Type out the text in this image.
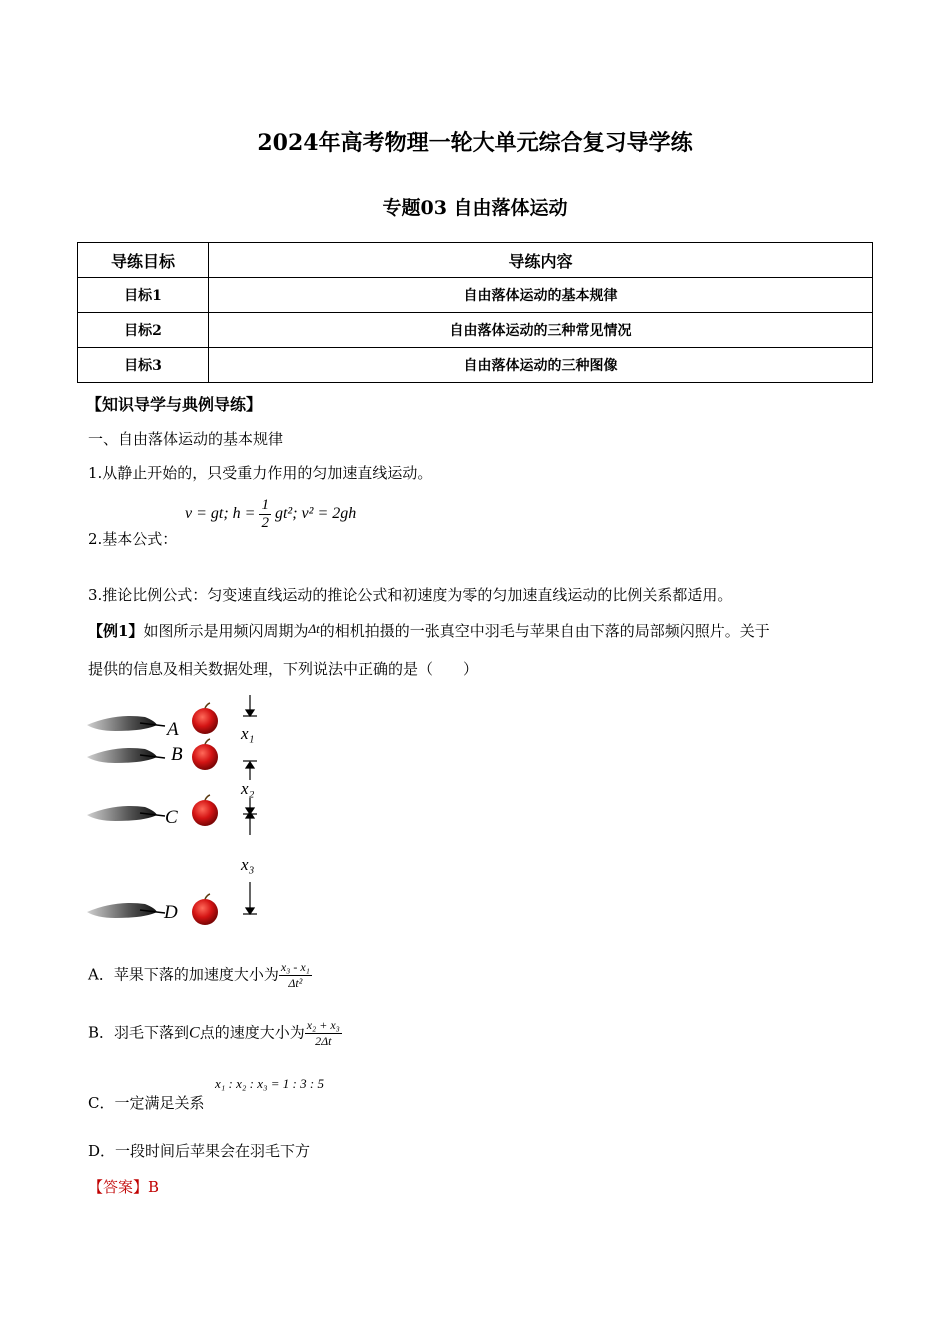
2024年高考物理一轮大单元综合复习导学练
专题03 自由落体运动
导练目标	导练内容
目标1	自由落体运动的基本规律
目标2	自由落体运动的三种常见情况
目标3	自由落体运动的三种图像
【知识导学与典例导练】
一、自由落体运动的基本规律
1.从静止开始的，只受重力作用的匀加速直线运动。
2.基本公式：
v = gt; $h = \frac{1}{2} gt^2$; v² = 2gh
3.推论比例公式：匀变速直线运动的推论公式和初速度为零的匀加速直线运动的比例关系都适用。
【例1】如图所示是用频闪周期为Δt的相机拍摄的一张真空中羽毛与苹果自由下落的局部频闪照片。关于
提供的信息及相关数据处理，下列说法中正确的是（　　）
A
B
C
D
x₁
x₂
x₃
A．苹果下落的加速度大小为 $\frac{\text{x₃ - x₁}}{\text{Δt²}}$
B．羽毛下落到C点的速度大小为 $\frac{\text{x₂ + x₃}}{2\Delta t}$
C．一定满足关系
x₁ : x₂ : x₃ = 1 : 3 : 5
D．一段时间后苹果会在羽毛下方
【答案】B
